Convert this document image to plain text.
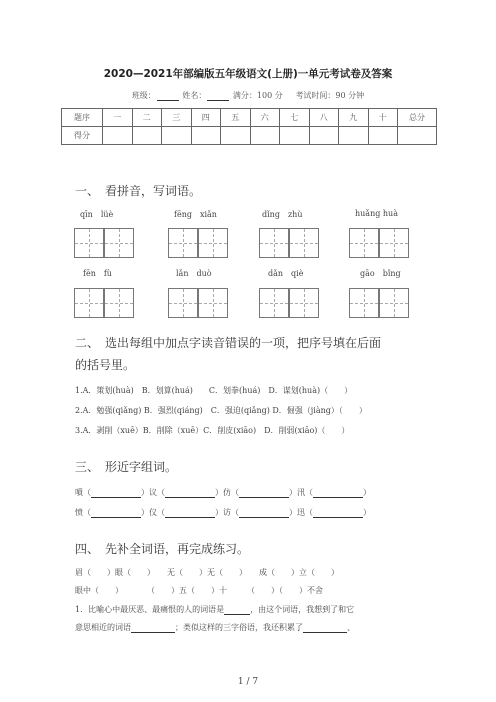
2020—2021年部编版五年级语文(上册)一单元考试卷及答案
班级：	姓名：	满分：100 分 考试时间：90 分钟
题序	一	二	三	四	五	六	七	八	九	十	总分
得分											
一、　看拼音，写词语。
qīn　lüè	fēng　xiǎn	dǐng　zhù	huǎng huà
fēn　fù	lǎn　duò	dǎn　qiè	gāo　bǐng
二、　选出每组中加点字读音错误的一项，把序号填在后面
的括号里。
1.A．策划(huà)　B．划算(huá)　　C．划拳(huá)　D．谋划(huà)（　　）
2.A．勉强(qiǎng) B．强烈(qiáng)　C．强迫(qiǎng) D．倔强（jiàng）（　　）
3.A．剥削（xuē）B．削除（xuē）C．削皮(xiāo)　D．削弱(xiāo)（　　）
三、　形近字组词。
噴（	）议（	）仿（	）汛（	）
愤（	）仪（	）访（	）迅（	）
四、　先补全词语，再完成练习。
眉（　　）眼（　　）　　无（　　）无（　　）　　成（　　）立（　　）
眼中（　　）　　　　（　　）五（　　）十　　　（　　）（　　）不舍
1．比喻心中最厌恶、最痛恨的人的词语是	，由这个词语，我想到了和它
意思相近的词语	；类似这样的三字俗语，我还积累了	、
1 / 7
